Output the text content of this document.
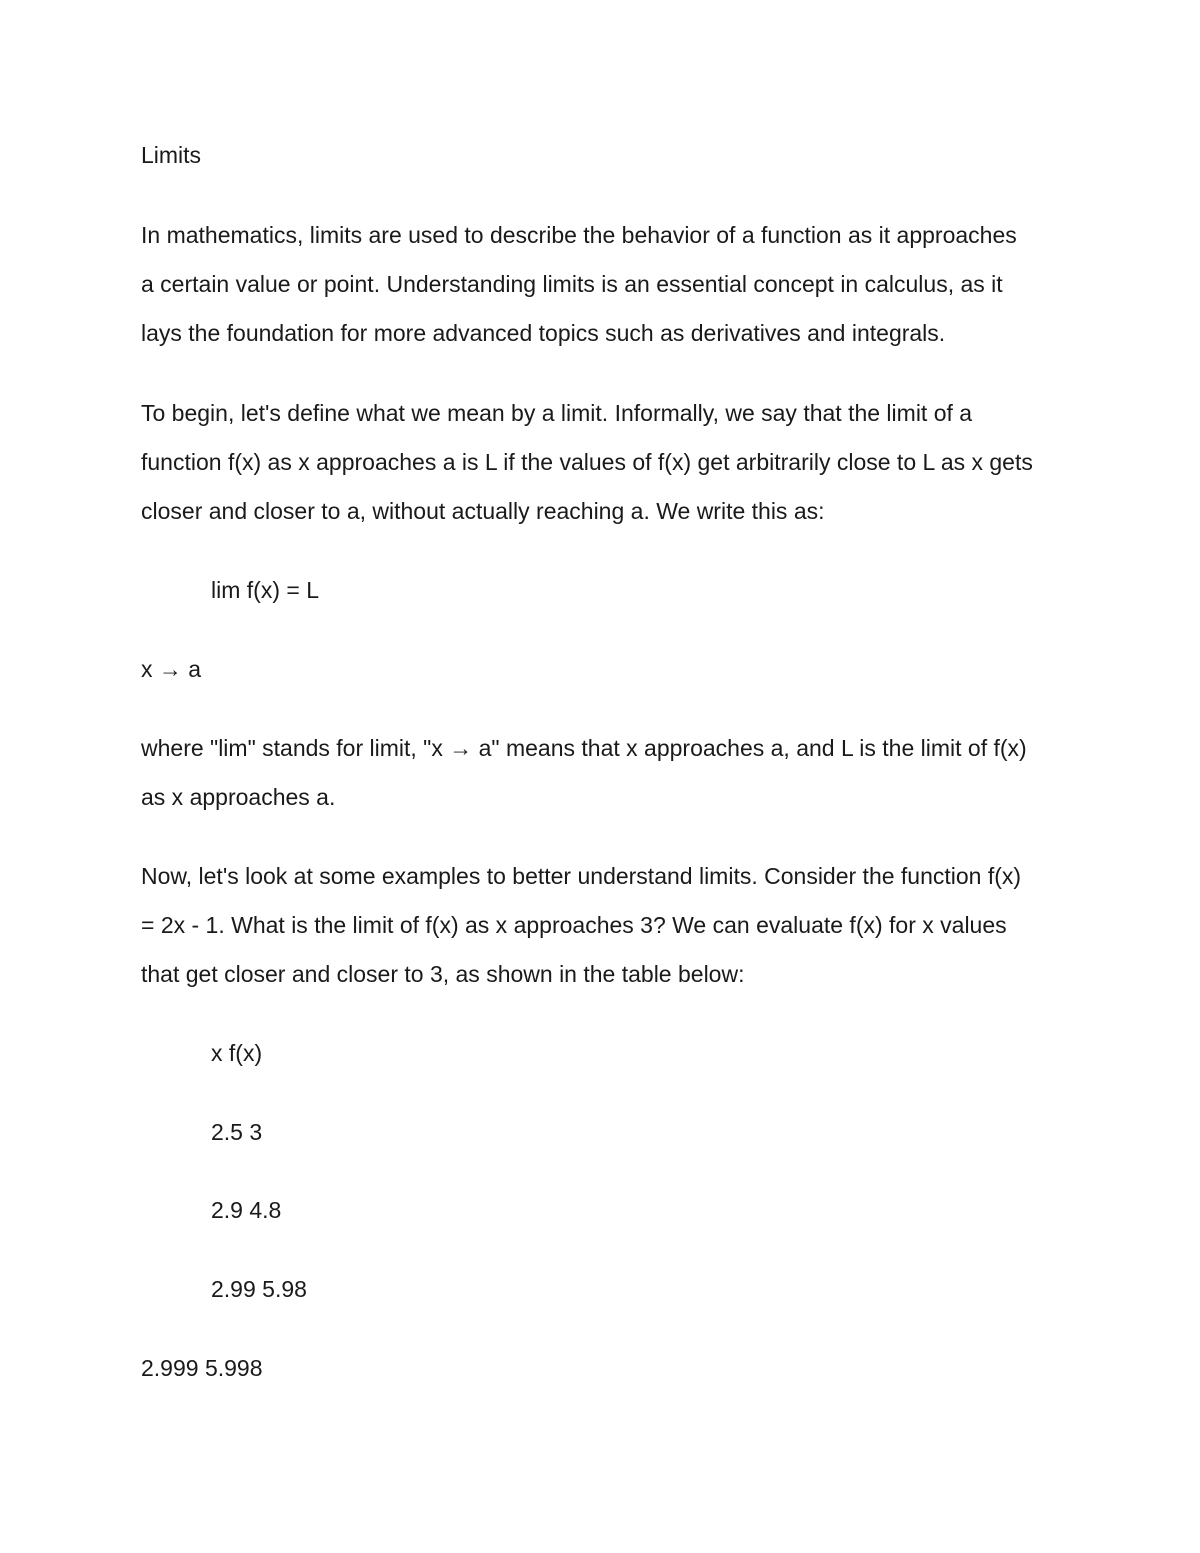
Limits
In mathematics, limits are used to describe the behavior of a function as it approaches
a certain value or point. Understanding limits is an essential concept in calculus, as it
lays the foundation for more advanced topics such as derivatives and integrals.
To begin, let's define what we mean by a limit. Informally, we say that the limit of a
function f(x) as x approaches a is L if the values of f(x) get arbitrarily close to L as x gets
closer and closer to a, without actually reaching a. We write this as:
lim f(x) = L
x → a
where "lim" stands for limit, "x → a" means that x approaches a, and L is the limit of f(x)
as x approaches a.
Now, let's look at some examples to better understand limits. Consider the function f(x)
= 2x - 1. What is the limit of f(x) as x approaches 3? We can evaluate f(x) for x values
that get closer and closer to 3, as shown in the table below:
x f(x)
2.5 3
2.9 4.8
2.99 5.98
2.999 5.998
